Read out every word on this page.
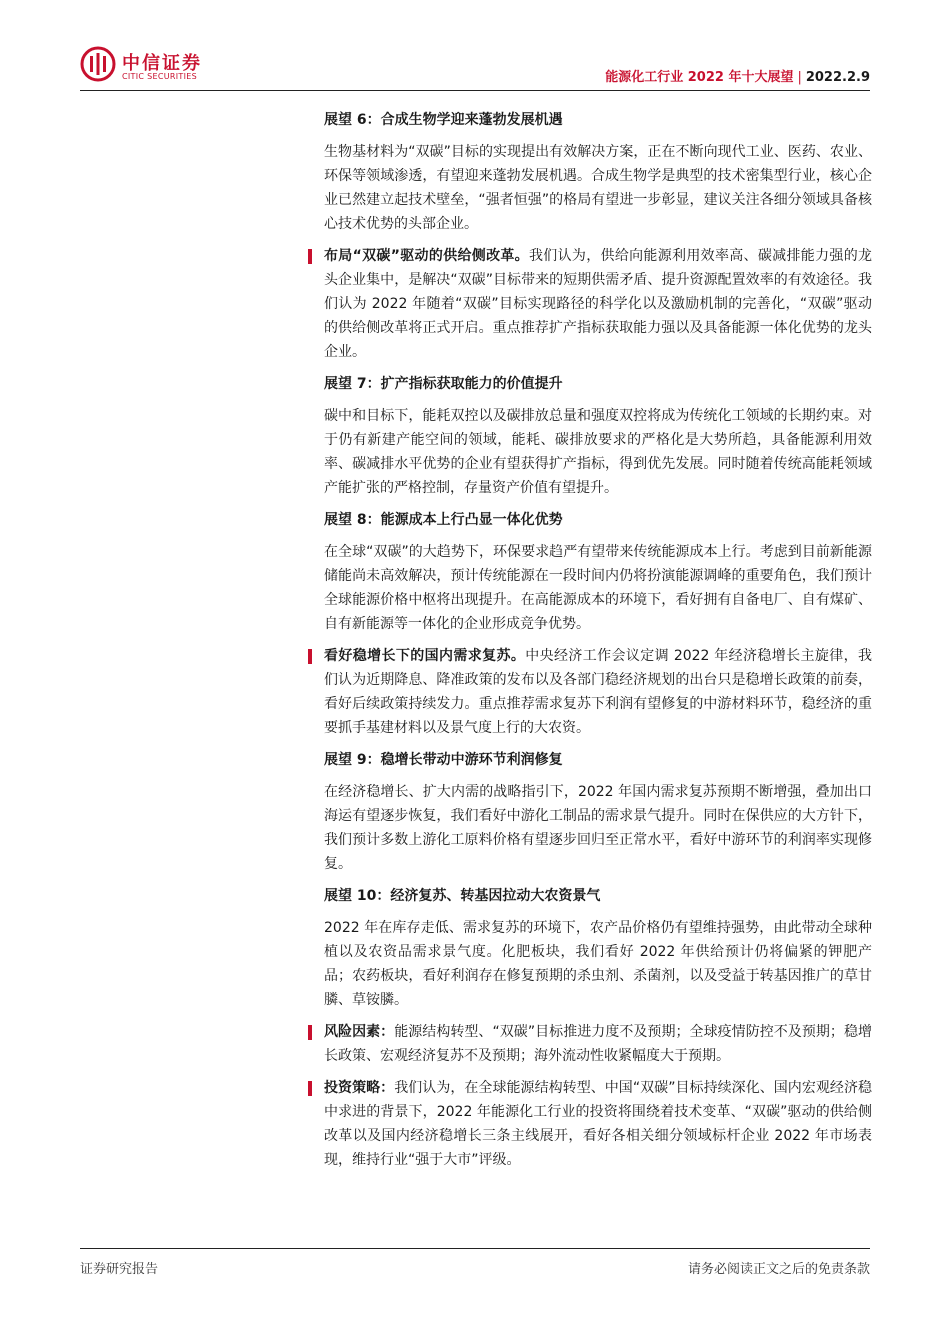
中信证券
CITIC SECURITIES	能源化工行业 2022 年十大展望 | 2022.2.9
展望 6：合成生物学迎来蓬勃发展机遇
生物基材料为“双碳”目标的实现提出有效解决方案，正在不断向现代工业、医药、农业、环保等领域渗透，有望迎来蓬勃发展机遇。合成生物学是典型的技术密集型行业，核心企业已然建立起技术壁垒，“强者恒强”的格局有望进一步彰显，建议关注各细分领域具备核心技术优势的头部企业。
布局“双碳”驱动的供给侧改革。我们认为，供给向能源利用效率高、碳减排能力强的龙头企业集中，是解决“双碳”目标带来的短期供需矛盾、提升资源配置效率的有效途径。我们认为 2022 年随着“双碳”目标实现路径的科学化以及激励机制的完善化，“双碳”驱动的供给侧改革将正式开启。重点推荐扩产指标获取能力强以及具备能源一体化优势的龙头企业。
展望 7：扩产指标获取能力的价值提升
碳中和目标下，能耗双控以及碳排放总量和强度双控将成为传统化工领域的长期约束。对于仍有新建产能空间的领域，能耗、碳排放要求的严格化是大势所趋，具备能源利用效率、碳减排水平优势的企业有望获得扩产指标，得到优先发展。同时随着传统高能耗领域产能扩张的严格控制，存量资产价值有望提升。
展望 8：能源成本上行凸显一体化优势
在全球“双碳”的大趋势下，环保要求趋严有望带来传统能源成本上行。考虑到目前新能源储能尚未高效解决，预计传统能源在一段时间内仍将扮演能源调峰的重要角色，我们预计全球能源价格中枢将出现提升。在高能源成本的环境下，看好拥有自备电厂、自有煤矿、自有新能源等一体化的企业形成竞争优势。
看好稳增长下的国内需求复苏。中央经济工作会议定调 2022 年经济稳增长主旋律，我们认为近期降息、降准政策的发布以及各部门稳经济规划的出台只是稳增长政策的前奏，看好后续政策持续发力。重点推荐需求复苏下利润有望修复的中游材料环节，稳经济的重要抓手基建材料以及景气度上行的大农资。
展望 9：稳增长带动中游环节利润修复
在经济稳增长、扩大内需的战略指引下，2022 年国内需求复苏预期不断增强，叠加出口海运有望逐步恢复，我们看好中游化工制品的需求景气提升。同时在保供应的大方针下，我们预计多数上游化工原料价格有望逐步回归至正常水平，看好中游环节的利润率实现修复。
展望 10：经济复苏、转基因拉动大农资景气
2022 年在库存走低、需求复苏的环境下，农产品价格仍有望维持强势，由此带动全球种植以及农资品需求景气度。化肥板块，我们看好 2022 年供给预计仍将偏紧的钾肥产品；农药板块，看好利润存在修复预期的杀虫剂、杀菌剂，以及受益于转基因推广的草甘膦、草铵膦。
风险因素：能源结构转型、“双碳”目标推进力度不及预期；全球疫情防控不及预期；稳增长政策、宏观经济复苏不及预期；海外流动性收紧幅度大于预期。
投资策略：我们认为，在全球能源结构转型、中国“双碳”目标持续深化、国内宏观经济稳中求进的背景下，2022 年能源化工行业的投资将围绕着技术变革、“双碳”驱动的供给侧改革以及国内经济稳增长三条主线展开，看好各相关细分领域标杆企业 2022 年市场表现，维持行业“强于大市”评级。
证券研究报告	请务必阅读正文之后的免责条款
